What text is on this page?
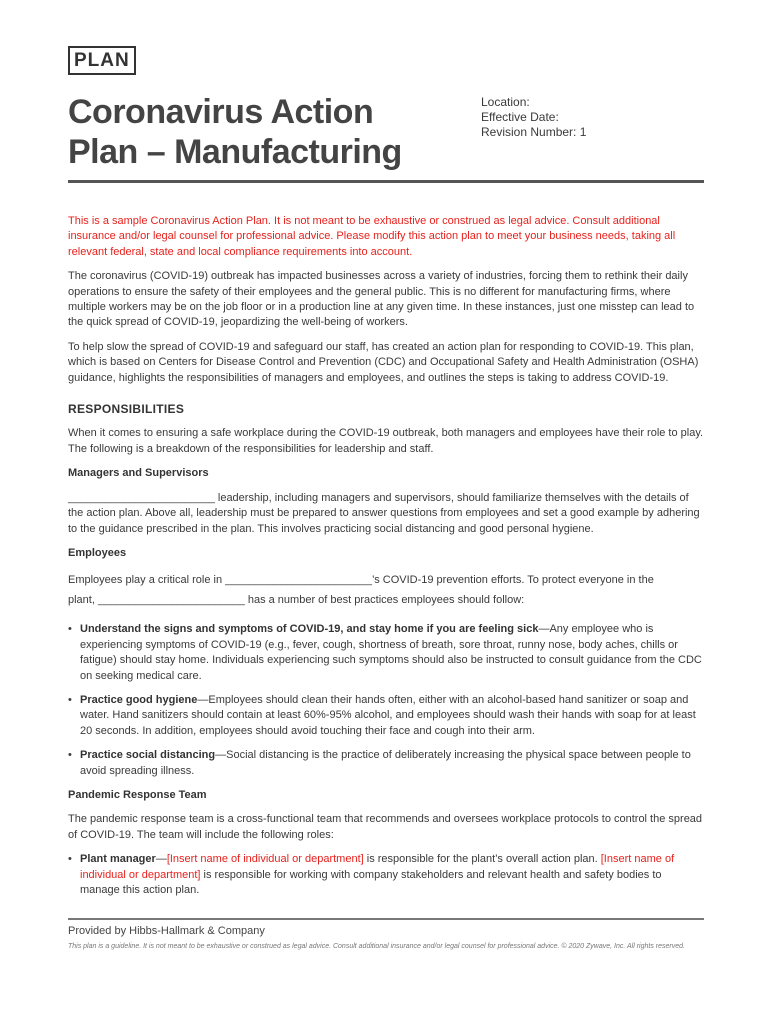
PLAN
Coronavirus Action
Plan – Manufacturing
Location:
Effective Date:
Revision Number: 1

This is a sample Coronavirus Action Plan. It is not meant to be exhaustive or construed as legal advice. Consult additional insurance and/or legal counsel for professional advice. Please modify this action plan to meet your business needs, taking all relevant federal, state and local compliance requirements into account.

The coronavirus (COVID-19) outbreak has impacted businesses across a variety of industries, forcing them to rethink their daily operations to ensure the safety of their employees and the general public. This is no different for manufacturing firms, where multiple workers may be on the job floor or in a production line at any given time. In these instances, just one misstep can lead to the quick spread of COVID-19, jeopardizing the well-being of workers.

To help slow the spread of COVID-19 and safeguard our staff, has created an action plan for responding to COVID-19. This plan, which is based on Centers for Disease Control and Prevention (CDC) and Occupational Safety and Health Administration (OSHA) guidance, highlights the responsibilities of managers and employees, and outlines the steps is taking to address COVID-19.

RESPONSIBILITIES

When it comes to ensuring a safe workplace during the COVID-19 outbreak, both managers and employees have their role to play. The following is a breakdown of the responsibilities for leadership and staff.

Managers and Supervisors

________________________ leadership, including managers and supervisors, should familiarize themselves with the details of the action plan. Above all, leadership must be prepared to answer questions from employees and set a good example by adhering to the guidance prescribed in the plan. This involves practicing social distancing and good personal hygiene.

Employees

Employees play a critical role in ________________________’s COVID-19 prevention efforts. To protect everyone in the
plant, ________________________ has a number of best practices employees should follow:
• Understand the signs and symptoms of COVID-19, and stay home if you are feeling sick—Any employee who is experiencing symptoms of COVID-19 (e.g., fever, cough, shortness of breath, sore throat, runny nose, body aches, chills or fatigue) should stay home. Individuals experiencing such symptoms should also be instructed to consult guidance from the CDC on seeking medical care.
• Practice good hygiene—Employees should clean their hands often, either with an alcohol-based hand sanitizer or soap and water. Hand sanitizers should contain at least 60%-95% alcohol, and employees should wash their hands with soap for at least 20 seconds. In addition, employees should avoid touching their face and cough into their arm.
• Practice social distancing—Social distancing is the practice of deliberately increasing the physical space between people to avoid spreading illness.

Pandemic Response Team

The pandemic response team is a cross-functional team that recommends and oversees workplace protocols to control the spread of COVID-19. The team will include the following roles:

• Plant manager—[Insert name of individual or department] is responsible for the plant’s overall action plan. [Insert name of individual or department] is responsible for working with company stakeholders and relevant health and safety bodies to manage this action plan.
Provided by Hibbs-Hallmark & Company
This plan is a guideline. It is not meant to be exhaustive or construed as legal advice. Consult additional insurance and/or legal counsel for professional advice. © 2020 Zywave, Inc. All rights reserved.
